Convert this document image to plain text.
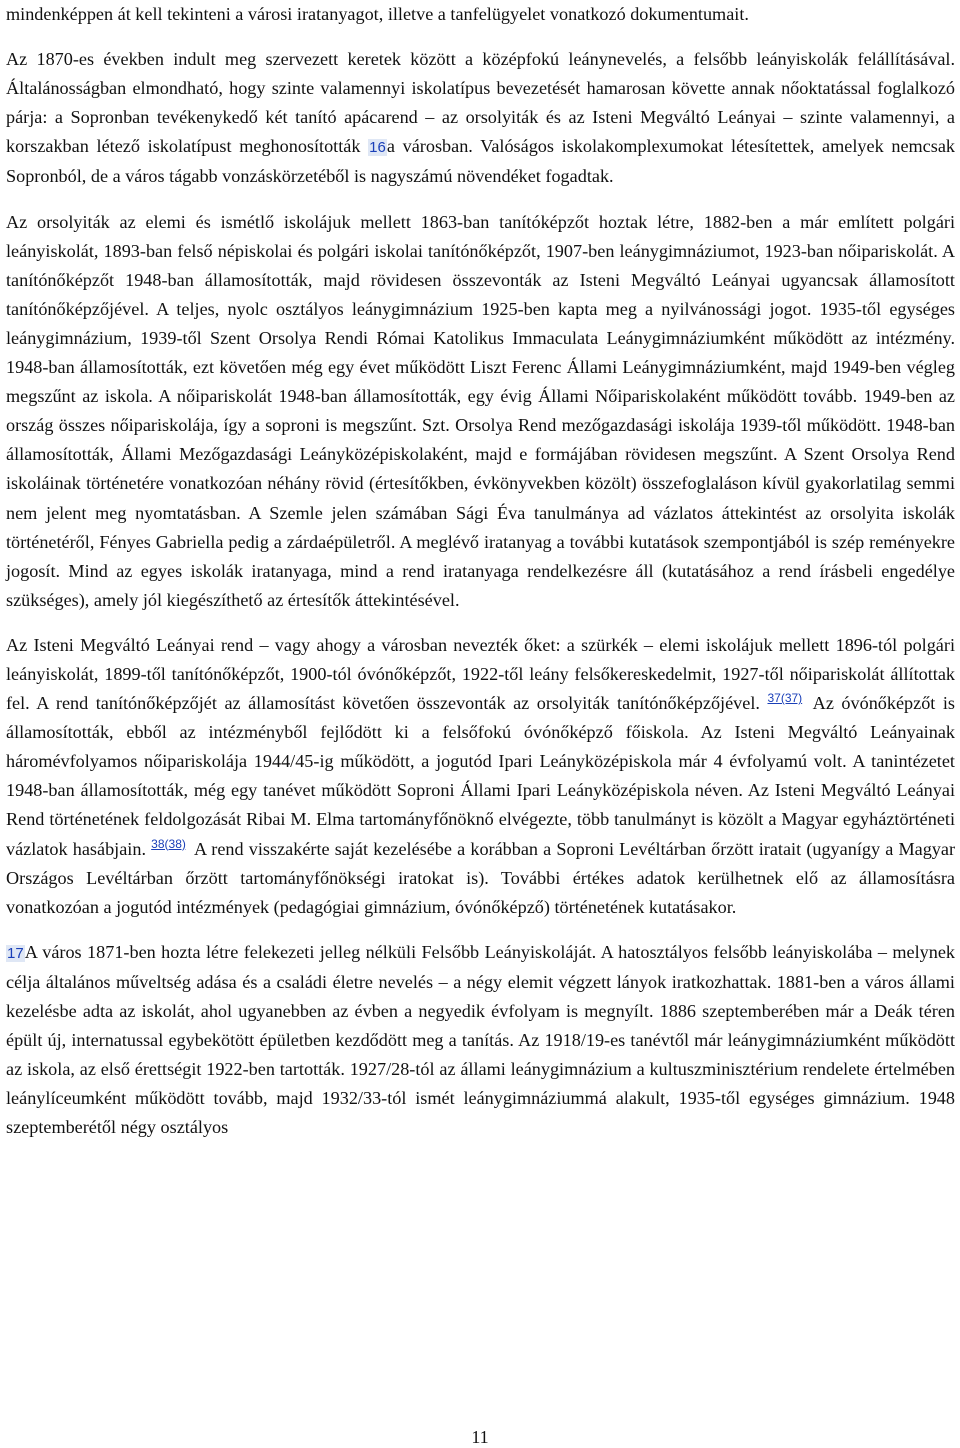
mindenképpen át kell tekinteni a városi iratanyagot, illetve a tanfelügyelet vonatkozó dokumentumait.

Az 1870-es években indult meg szervezett keretek között a középfokú leánynevelés, a felsőbb leányiskolák felállításával. Általánosságban elmondható, hogy szinte valamennyi iskolatípus bevezetését hamarosan követte annak nőoktatással foglalkozó párja: a Sopronban tevékenykedő két tanító apácarend – az orsolyiták és az Isteni Megváltó Leányai – szinte valamennyi, a korszakban létező iskolatípust meghonosították 16a városban. Valóságos iskolakomplexumokat létesítettek, amelyek nemcsak Sopronból, de a város tágabb vonzáskörzetéből is nagyszámú növendéket fogadtak.

Az orsolyiták az elemi és ismétlő iskolájuk mellett 1863-ban tanítóképzőt hoztak létre, 1882-ben a már említett polgári leányiskolát, 1893-ban felső népiskolai és polgári iskolai tanítónőképzőt, 1907-ben leánygimnáziumot, 1923-ban nőipariskolát. A tanítónőképzőt 1948-ban államosították, majd rövidesen összevonták az Isteni Megváltó Leányai ugyancsak államosított tanítónőképzőjével. A teljes, nyolc osztályos leánygimnázium 1925-ben kapta meg a nyilvánossági jogot. 1935-től egységes leánygimnázium, 1939-től Szent Orsolya Rendi Római Katolikus Immaculata Leánygimnáziumként működött az intézmény. 1948-ban államosították, ezt követően még egy évet működött Liszt Ferenc Állami Leánygimnáziumként, majd 1949-ben végleg megszűnt az iskola. A nőipariskolát 1948-ban államosították, egy évig Állami Nőipariskolaként működött tovább. 1949-ben az ország összes nőipariskolája, így a soproni is megszűnt. Szt. Orsolya Rend mezőgazdasági iskolája 1939-től működött. 1948-ban államosították, Állami Mezőgazdasági Leányközépiskolaként, majd e formájában rövidesen megszűnt. A Szent Orsolya Rend iskoláinak történetére vonatkozóan néhány rövid (értesítőkben, évkönyvekben közölt) összefoglaláson kívül gyakorlatilag semmi nem jelent meg nyomtatásban. A Szemle jelen számában Sági Éva tanulmánya ad vázlatos áttekintést az orsolyita iskolák történetéről, Fényes Gabriella pedig a zárdaépületről. A meglévő iratanyag a további kutatások szempontjából is szép reményekre jogosít. Mind az egyes iskolák iratanyaga, mind a rend iratanyaga rendelkezésre áll (kutatásához a rend írásbeli engedélye szükséges), amely jól kiegészíthető az értesítők áttekintésével.

Az Isteni Megváltó Leányai rend – vagy ahogy a városban nevezték őket: a szürkék – elemi iskolájuk mellett 1896-tól polgári leányiskolát, 1899-től tanítónőképzőt, 1900-tól óvónőképzőt, 1922-től leány felsőkereskedelmit, 1927-től nőipariskolát állítottak fel. A rend tanítónőképzőjét az államosítást követően összevonták az orsolyiták tanítónőképzőjével. $^{37(37)}$ Az óvónőképzőt is államosították, ebből az intézményből fejlődött ki a felsőfokú óvónőképző főiskola. Az Isteni Megváltó Leányainak háromévfolyamos nőipariskolája 1944/45-ig működött, a jogutód Ipari Leányközépiskola már 4 évfolyamú volt. A tanintézetet 1948-ban államosították, még egy tanévet működött Soproni Állami Ipari Leányközépiskola néven. Az Isteni Megváltó Leányai Rend történetének feldolgozását Ribai M. Elma tartományfőnöknő elvégezte, több tanulmányt is közölt a Magyar egyháztörténeti vázlatok hasábjain. $^{38(38)}$ A rend visszakérte saját kezelésébe a korábban a Soproni Levéltárban őrzött iratait (ugyanígy a Magyar Országos Levéltárban őrzött tartományfőnökségi iratokat is). További értékes adatok kerülhetnek elő az államosításra vonatkozóan a jogutód intézmények (pedagógiai gimnázium, óvónőképző) történetének kutatásakor.

17A város 1871-ben hozta létre felekezeti jelleg nélküli Felsőbb Leányiskoláját. A hatosztályos felsőbb leányiskolába – melynek célja általános műveltség adása és a családi életre nevelés – a négy elemit végzett lányok iratkozhattak. 1881-ben a város állami kezelésbe adta az iskolát, ahol ugyanebben az évben a negyedik évfolyam is megnyílt. 1886 szeptemberében már a Deák téren épült új, internatussal egybekötött épületben kezdődött meg a tanítás. Az 1918/19-es tanévtől már leánygimnáziumként működött az iskola, az első érettségit 1922-ben tartották. 1927/28-tól az állami leánygimnázium a kultuszminisztérium rendelete értelmében leánylíceumként működött tovább, majd 1932/33-tól ismét leánygimnáziummá alakult, 1935-től egységes gimnázium. 1948 szeptemberétől négy osztályos

11
